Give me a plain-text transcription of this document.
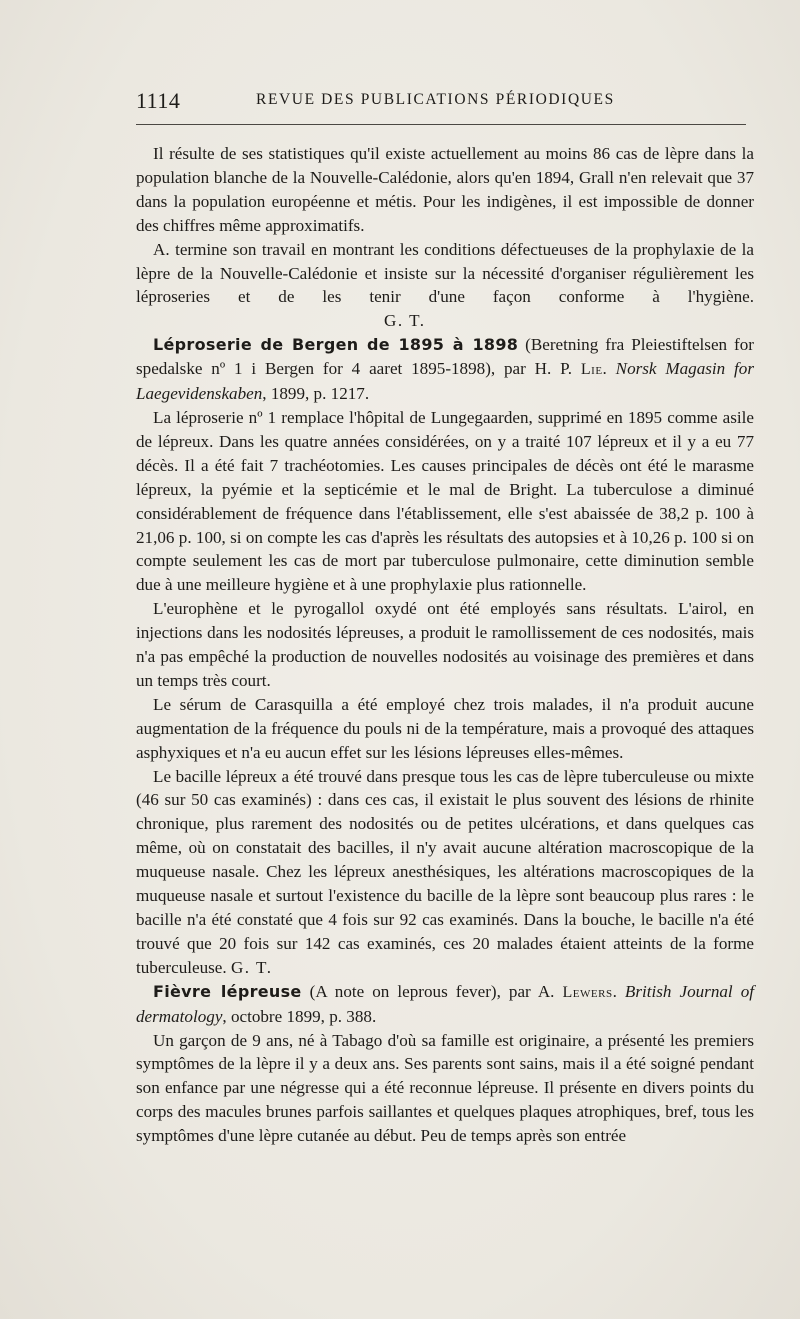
1114	REVUE DES PUBLICATIONS PÉRIODIQUES

Il résulte de ses statistiques qu'il existe actuellement au moins 86 cas de lèpre dans la population blanche de la Nouvelle-Calédonie, alors qu'en 1894, Grall n'en relevait que 37 dans la population européenne et métis. Pour les indigènes, il est impossible de donner des chiffres même approximatifs.

A. termine son travail en montrant les conditions défectueuses de la prophylaxie de la lèpre de la Nouvelle-Calédonie et insiste sur la nécessité d'organiser régulièrement les léproseries et de les tenir d'une façon conforme à l'hygiène.G. T.

Léproserie de Bergen de 1895 à 1898 (Beretning fra Pleiestiftelsen for spedalske nº 1 i Bergen for 4 aaret 1895-1898), par H. P. Lie. Norsk Magasin for Laegevidenskaben, 1899, p. 1217.

La léproserie nº 1 remplace l'hôpital de Lungegaarden, supprimé en 1895 comme asile de lépreux. Dans les quatre années considérées, on y a traité 107 lépreux et il y a eu 77 décès. Il a été fait 7 trachéotomies. Les causes principales de décès ont été le marasme lépreux, la pyémie et la septicémie et le mal de Bright. La tuberculose a diminué considérablement de fréquence dans l'établissement, elle s'est abaissée de 38,2 p. 100 à 21,06 p. 100, si on compte les cas d'après les résultats des autopsies et à 10,26 p. 100 si on compte seulement les cas de mort par tuberculose pulmonaire, cette diminution semble due à une meilleure hygiène et à une prophylaxie plus rationnelle.

L'europhène et le pyrogallol oxydé ont été employés sans résultats. L'airol, en injections dans les nodosités lépreuses, a produit le ramollissement de ces nodosités, mais n'a pas empêché la production de nouvelles nodosités au voisinage des premières et dans un temps très court.

Le sérum de Carasquilla a été employé chez trois malades, il n'a produit aucune augmentation de la fréquence du pouls ni de la température, mais a provoqué des attaques asphyxiques et n'a eu aucun effet sur les lésions lépreuses elles-mêmes.

Le bacille lépreux a été trouvé dans presque tous les cas de lèpre tuberculeuse ou mixte (46 sur 50 cas examinés) : dans ces cas, il existait le plus souvent des lésions de rhinite chronique, plus rarement des nodosités ou de petites ulcérations, et dans quelques cas même, où on constatait des bacilles, il n'y avait aucune altération macroscopique de la muqueuse nasale. Chez les lépreux anesthésiques, les altérations macroscopiques de la muqueuse nasale et surtout l'existence du bacille de la lèpre sont beaucoup plus rares : le bacille n'a été constaté que 4 fois sur 92 cas examinés. Dans la bouche, le bacille n'a été trouvé que 20 fois sur 142 cas examinés, ces 20 malades étaient atteints de la forme tuberculeuse. G. T.

Fièvre lépreuse (A note on leprous fever), par A. Lewers. British Journal of dermatology, octobre 1899, p. 388.

Un garçon de 9 ans, né à Tabago d'où sa famille est originaire, a présenté les premiers symptômes de la lèpre il y a deux ans. Ses parents sont sains, mais il a été soigné pendant son enfance par une négresse qui a été reconnue lépreuse. Il présente en divers points du corps des macules brunes parfois saillantes et quelques plaques atrophiques, bref, tous les symptômes d'une lèpre cutanée au début. Peu de temps après son entrée
